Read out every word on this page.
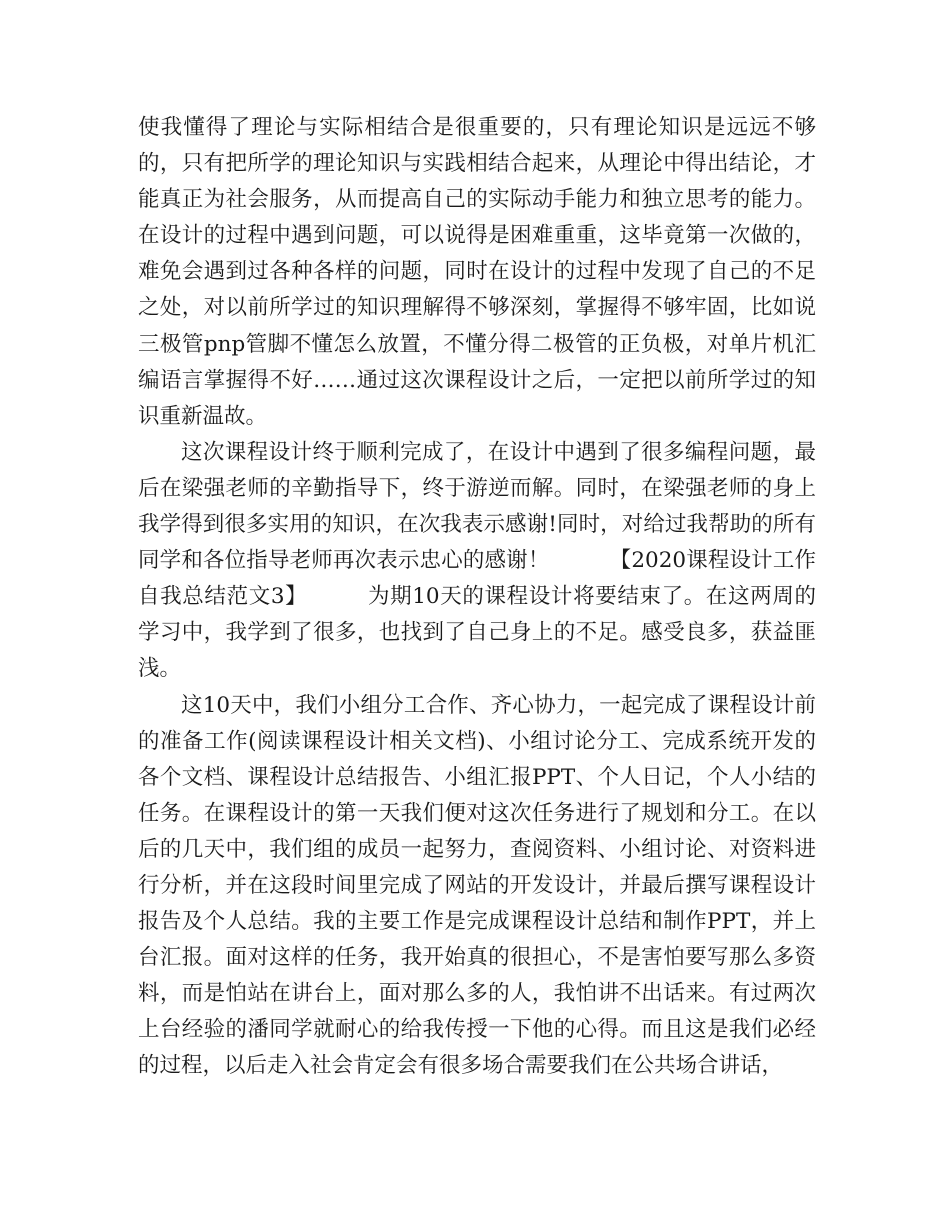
使我懂得了理论与实际相结合是很重要的，只有理论知识是远远不够的，只有把所学的理论知识与实践相结合起来，从理论中得出结论，才能真正为社会服务，从而提高自己的实际动手能力和独立思考的能力。在设计的过程中遇到问题，可以说得是困难重重，这毕竟第一次做的，难免会遇到过各种各样的问题，同时在设计的过程中发现了自己的不足之处，对以前所学过的知识理解得不够深刻，掌握得不够牢固，比如说三极管pnp管脚不懂怎么放置，不懂分得二极管的正负极，对单片机汇编语言掌握得不好……通过这次课程设计之后，一定把以前所学过的知识重新温故。

这次课程设计终于顺利完成了，在设计中遇到了很多编程问题，最后在梁强老师的辛勤指导下，终于游逆而解。同时，在梁强老师的身上我学得到很多实用的知识，在次我表示感谢!同时，对给过我帮助的所有同学和各位指导老师再次表示忠心的感谢！	【2020课程设计工作自我总结范文3】	为期10天的课程设计将要结束了。在这两周的学习中，我学到了很多，也找到了自己身上的不足。感受良多，获益匪浅。

这10天中，我们小组分工合作、齐心协力，一起完成了课程设计前的准备工作(阅读课程设计相关文档)、小组讨论分工、完成系统开发的各个文档、课程设计总结报告、小组汇报PPT、个人日记，个人小结的任务。在课程设计的第一天我们便对这次任务进行了规划和分工。在以后的几天中，我们组的成员一起努力，查阅资料、小组讨论、对资料进行分析，并在这段时间里完成了网站的开发设计，并最后撰写课程设计报告及个人总结。我的主要工作是完成课程设计总结和制作PPT，并上台汇报。面对这样的任务，我开始真的很担心，不是害怕要写那么多资料，而是怕站在讲台上，面对那么多的人，我怕讲不出话来。有过两次上台经验的潘同学就耐心的给我传授一下他的心得。而且这是我们必经的过程，以后走入社会肯定会有很多场合需要我们在公共场合讲话，
